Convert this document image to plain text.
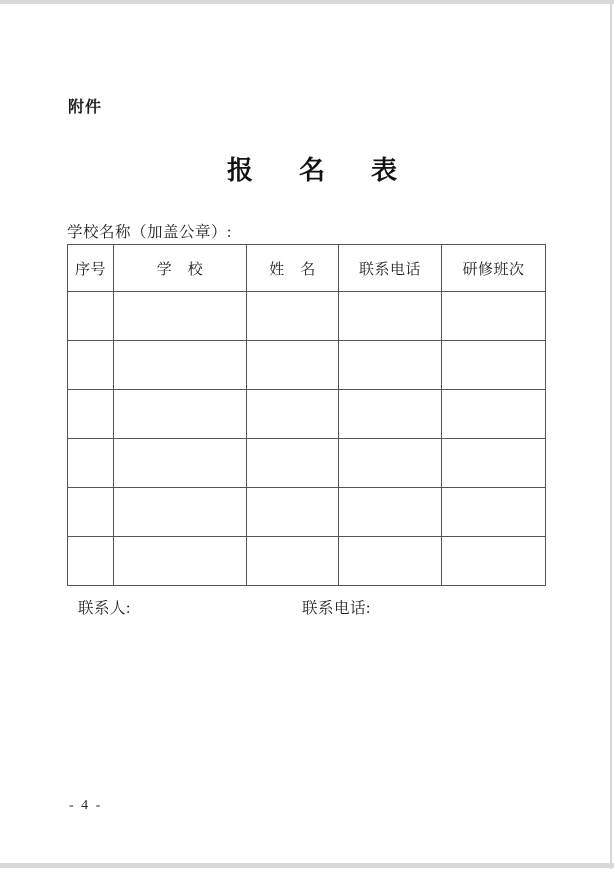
附件
报　名　表
学校名称（加盖公章）:
序号	学　校	姓　名	联系电话	研修班次

联系人:	联系电话:
- 4 -
